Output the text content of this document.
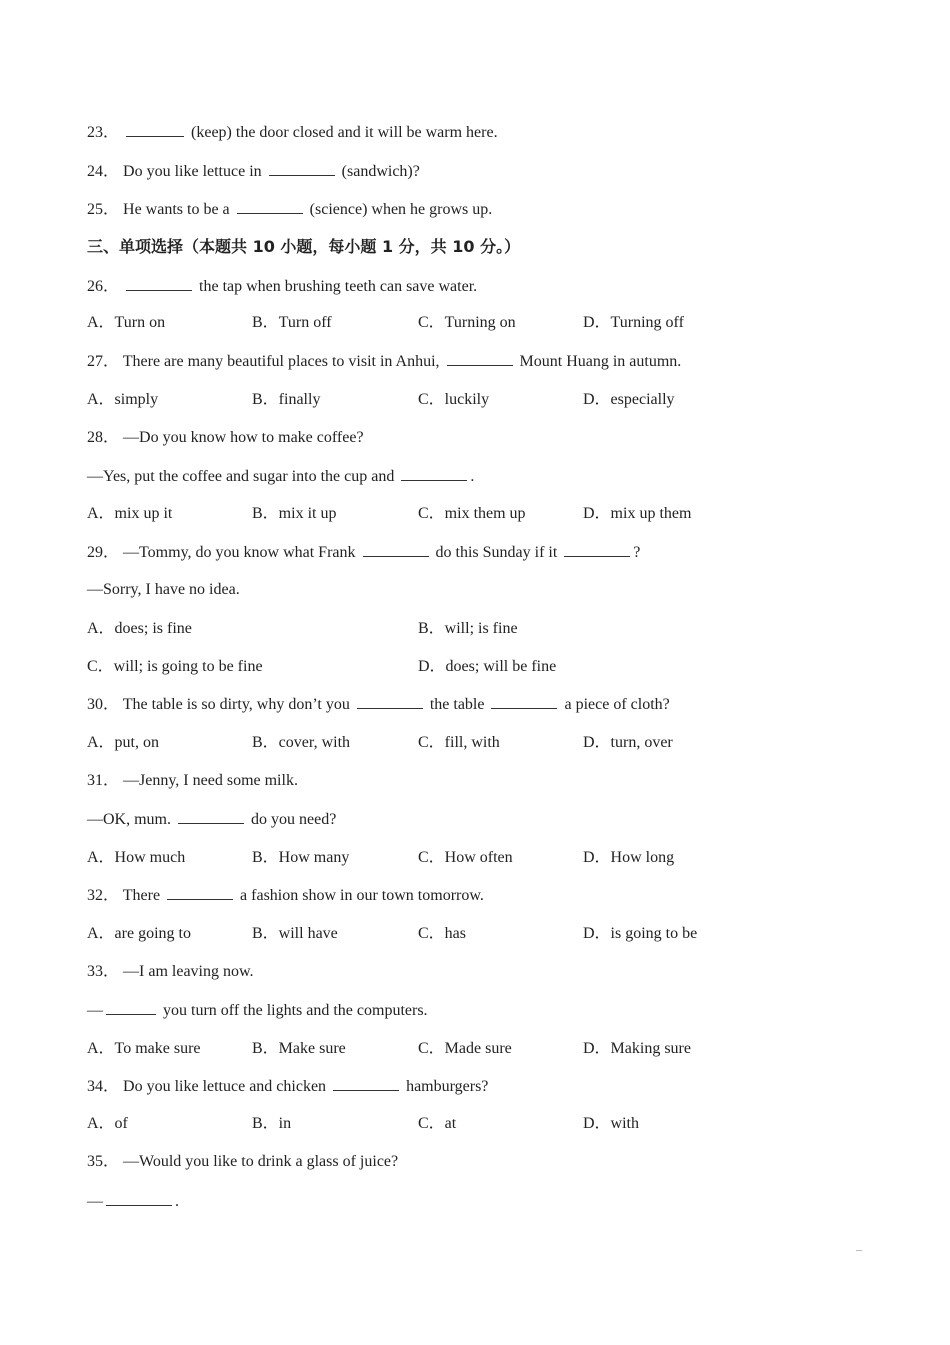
23．	(keep) the door closed and it will be warm here.
24． Do you like lettuce in	(sandwich)?
25． He wants to be a	(science) when he grows up.
三、单项选择（本题共 10 小题，每小题 1 分，共 10 分。）
26．	the tap when brushing teeth can save water.
A．Turn on	B．Turn off	C．Turning on	D．Turning off
27． There are many beautiful places to visit in Anhui,	Mount Huang in autumn.
A．simply	B．finally	C．luckily	D．especially
28． —Do you know how to make coffee?
—Yes, put the coffee and sugar into the cup and	.
A．mix up it	B．mix it up	C．mix them up	D．mix up them
29． —Tommy, do you know what Frank	do this Sunday if it	?
—Sorry, I have no idea.
A．does; is fine	B．will; is fine
C．will; is going to be fine	D．does; will be fine
30． The table is so dirty, why don’t you	the table	a piece of cloth?
A．put, on	B．cover, with	C．fill, with	D．turn, over
31． —Jenny, I need some milk.
—OK, mum.	do you need?
A．How much	B．How many	C．How often	D．How long
32． There	a fashion show in our town tomorrow.
A．are going to	B．will have	C．has	D．is going to be
33． —I am leaving now.
—	you turn off the lights and the computers.
A．To make sure	B．Make sure	C．Made sure	D．Making sure
34． Do you like lettuce and chicken	hamburgers?
A．of	B．in	C．at	D．with
35． —Would you like to drink a glass of juice?
—	.
